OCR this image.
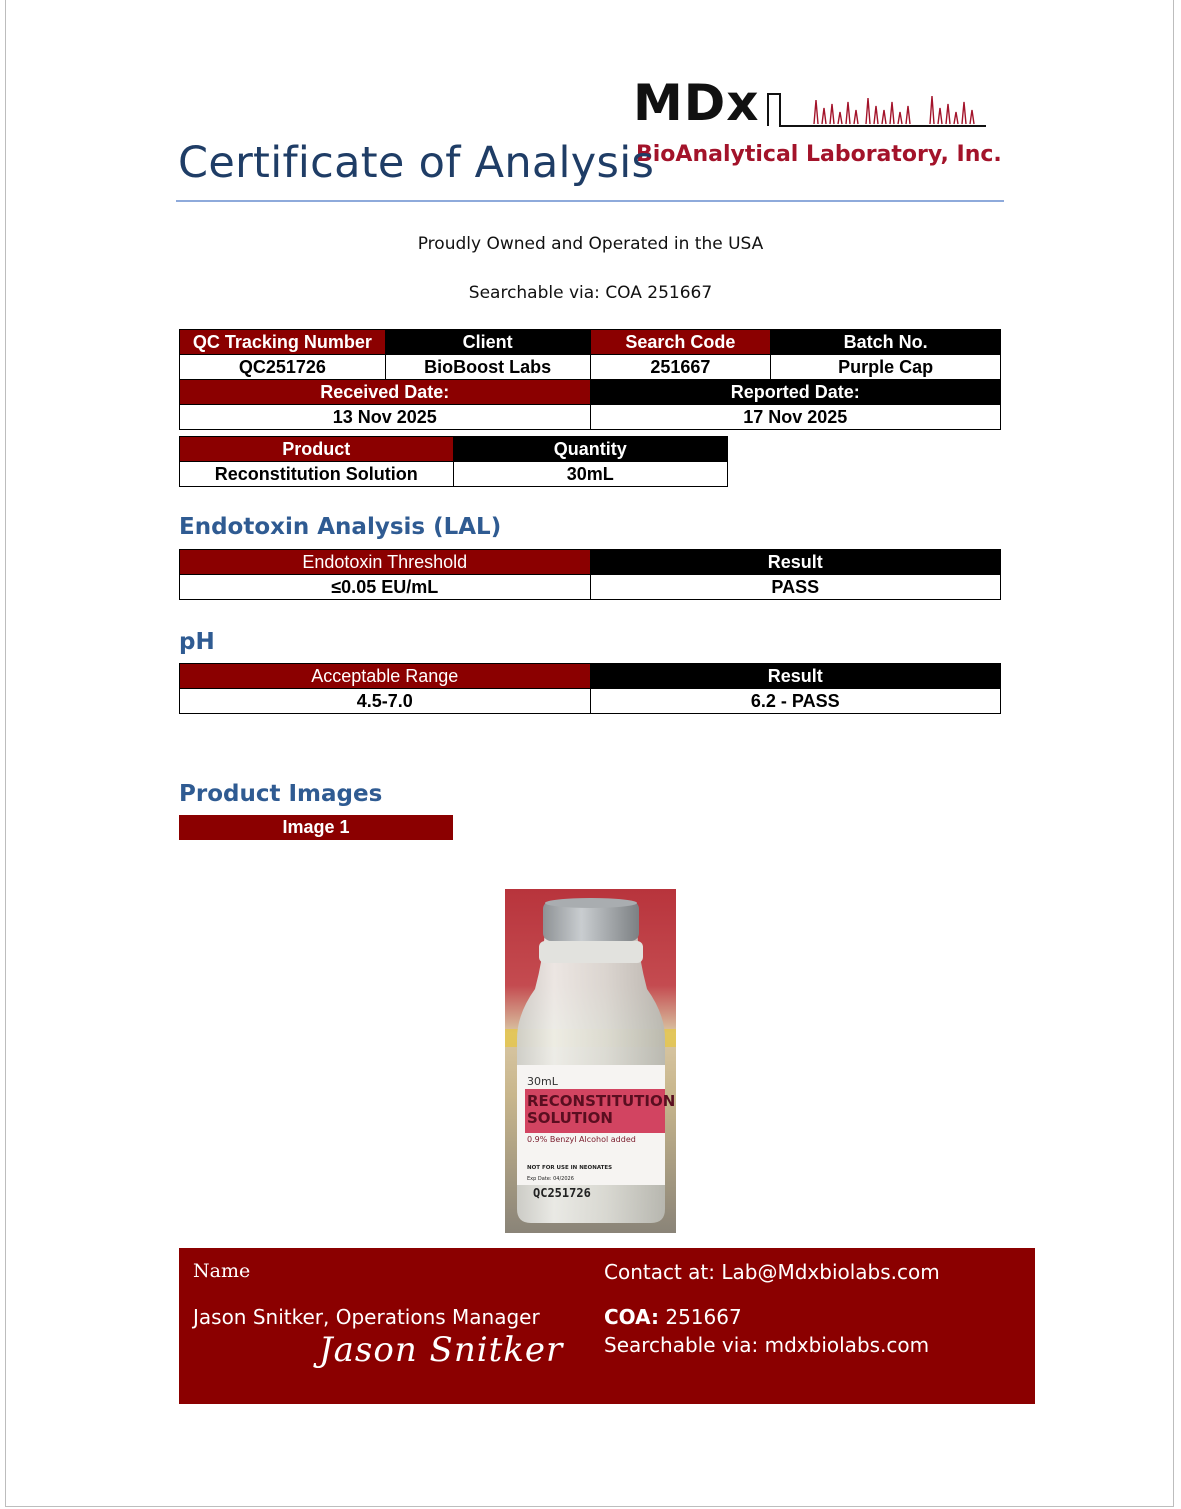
MDx
BioAnalytical Laboratory, Inc.
Certificate of Analysis
Proudly Owned and Operated in the USA
Searchable via: COA 251667
QC Tracking Number	Client	Search Code	Batch No.
QC251726	BioBoost Labs	251667	Purple Cap
Received Date:		Reported Date:	
13 Nov 2025		17 Nov 2025	
Product	Quantity
Reconstitution Solution	30mL
Endotoxin Analysis (LAL)
Endotoxin Threshold	Result
≤0.05 EU/mL	PASS
pH
Acceptable Range	Result
4.5-7.0	6.2 - PASS
Product Images
Image 1
30mL
RECONSTITUTION
SOLUTION
0.9% Benzyl Alcohol added
NOT FOR USE IN NEONATES
Exp Date: 04/2026
QC251726
Name
Jason Snitker, Operations Manager
Jason Snitker
Contact at: Lab@Mdxbiolabs.com
COA: 251667
Searchable via: mdxbiolabs.com
